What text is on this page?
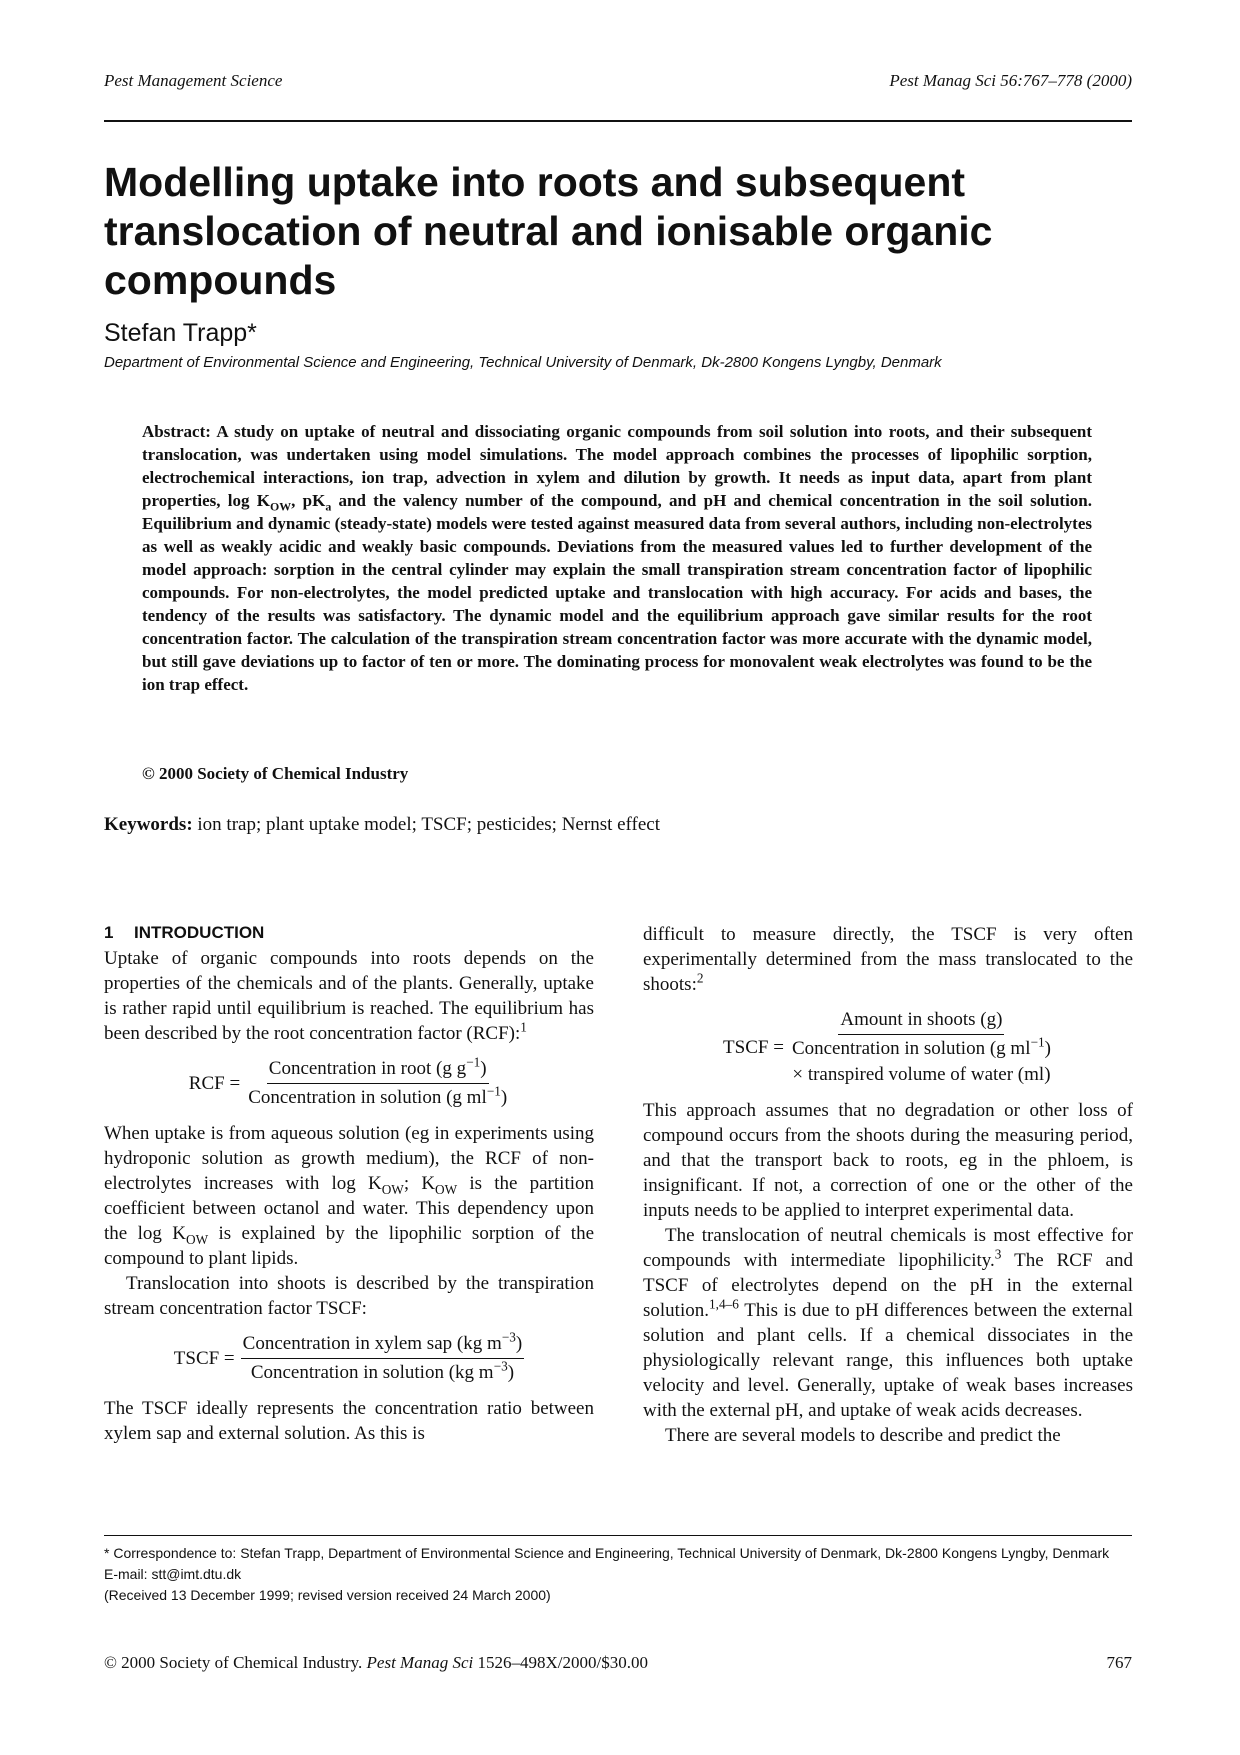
Pest Management Science	Pest Manag Sci 56:767–778 (2000)
Modelling uptake into roots and subsequent translocation of neutral and ionisable organic compounds
Stefan Trapp*
Department of Environmental Science and Engineering, Technical University of Denmark, Dk-2800 Kongens Lyngby, Denmark

Abstract: A study on uptake of neutral and dissociating organic compounds from soil solution into roots, and their subsequent translocation, was undertaken using model simulations. The model approach combines the processes of lipophilic sorption, electrochemical interactions, ion trap, advection in xylem and dilution by growth. It needs as input data, apart from plant properties, $\log K_{OW}$, $pK_a$ and the valency number of the compound, and pH and chemical concentration in the soil solution. Equilibrium and dynamic (steady-state) models were tested against measured data from several authors, including non-electrolytes as well as weakly acidic and weakly basic compounds. Deviations from the measured values led to further development of the model approach: sorption in the central cylinder may explain the small transpiration stream concentration factor of lipophilic compounds. For non-electrolytes, the model predicted uptake and translocation with high accuracy. For acids and bases, the tendency of the results was satisfactory. The dynamic model and the equilibrium approach gave similar results for the root concentration factor. The calculation of the transpiration stream concentration factor was more accurate with the dynamic model, but still gave deviations up to factor of ten or more. The dominating process for monovalent weak electrolytes was found to be the ion trap effect.

© 2000 Society of Chemical Industry
Keywords: ion trap; plant uptake model; TSCF; pesticides; Nernst effect
1 INTRODUCTION

Uptake of organic compounds into roots depends on the properties of the chemicals and of the plants. Generally, uptake is rather rapid until equilibrium is reached. The equilibrium has been described by the root concentration factor (RCF):$^1$

RCF = $\frac{Concentration in root (g g^{-1})}{Concentration in solution (g ml^{-1})}$

When uptake is from aqueous solution (eg in experiments using hydroponic solution as growth medium), the RCF of non-electrolytes increases with $\log K_{OW}$; $K_{OW}$ is the partition coefficient between octanol and water. This dependency upon the $\log K_{OW}$ is explained by the lipophilic sorption of the compound to plant lipids.

Translocation into shoots is described by the transpiration stream concentration factor TSCF:

TSCF = $\frac{Concentration in xylem sap (kg m^{-3})}{Concentration in solution (kg m^{-3})}$

The TSCF ideally represents the concentration ratio between xylem sap and external solution. As this is

difficult to measure directly, the TSCF is very often experimentally determined from the mass translocated to the shoots:$^2$

TSCF =
Amount in shoots (g)
Concentration in solution (g $ml^{-1}$)
× transpired volume of water (ml)

This approach assumes that no degradation or other loss of compound occurs from the shoots during the measuring period, and that the transport back to roots, eg in the phloem, is insignificant. If not, a correction of one or the other of the inputs needs to be applied to interpret experimental data.

The translocation of neutral chemicals is most effective for compounds with intermediate lipophilicity.$^3$ The RCF and TSCF of electrolytes depend on the pH in the external solution.$^{1,4-6}$ This is due to pH differences between the external solution and plant cells. If a chemical dissociates in the physiologically relevant range, this influences both uptake velocity and level. Generally, uptake of weak bases increases with the external pH, and uptake of weak acids decreases.

There are several models to describe and predict the

* Correspondence to: Stefan Trapp, Department of Environmental Science and Engineering, Technical University of Denmark, Dk-2800 Kongens Lyngby, Denmark

E-mail: stt@imt.dtu.dk

(Received 13 December 1999; revised version received 24 March 2000)

© 2000 Society of Chemical Industry. Pest Manag Sci 1526–498X/2000/$30.00	767
